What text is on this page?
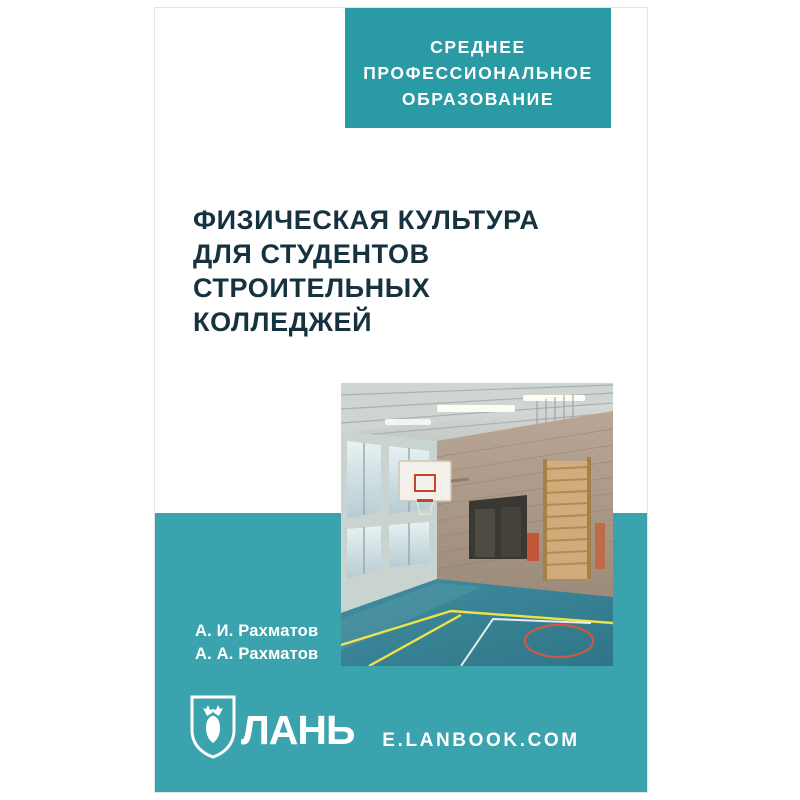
СРЕДНЕЕ
ПРОФЕССИОНАЛЬНОЕ
ОБРАЗОВАНИЕ
ФИЗИЧЕСКАЯ КУЛЬТУРА
ДЛЯ СТУДЕНТОВ
СТРОИТЕЛЬНЫХ КОЛЛЕДЖЕЙ
А. И. Рахматов
А. А. Рахматов
ЛАНЬ	E.LANBOOK.COM
